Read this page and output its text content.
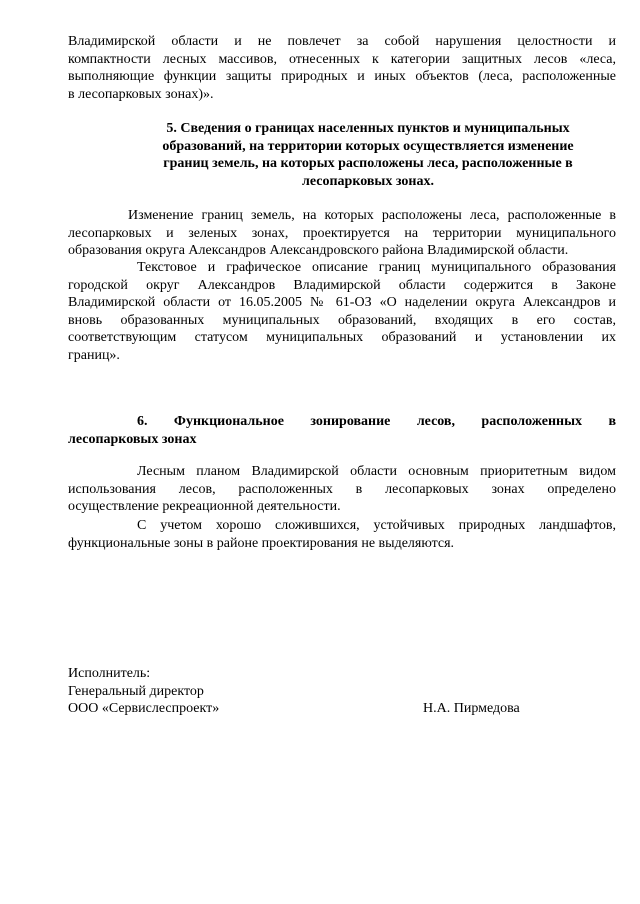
Владимирской области и не повлечет за собой нарушения целостности и
компактности лесных массивов, отнесенных к категории защитных лесов «леса,
выполняющие функции защиты природных и иных объектов (леса, расположенные
в лесопарковых зонах)».
5. Сведения о границах населенных пунктов и муниципальных
образований, на территории которых осуществляется изменение
границ земель, на которых расположены леса, расположенные в
лесопарковых зонах.
Изменение границ земель, на которых расположены леса, расположенные в
лесопарковых и зеленых зонах, проектируется на территории муниципального
образования округа Александров Александровского района Владимирской области.
Текстовое и графическое описание границ муниципального образования
городской округ Александров Владимирской области содержится в Законе
Владимирской области от 16.05.2005 № 61-ОЗ «О наделении округа Александров и
вновь образованных муниципальных образований, входящих в его состав,
соответствующим статусом муниципальных образований и установлении их
границ».
6. Функциональное зонирование лесов, расположенных в
лесопарковых зонах
Лесным планом Владимирской области основным приоритетным видом
использования лесов, расположенных в лесопарковых зонах определено
осуществление рекреационной деятельности.
С учетом хорошо сложившихся, устойчивых природных ландшафтов,
функциональные зоны в районе проектирования не выделяются.
Исполнитель:
Генеральный директор
ООО «Сервислеспроект»	Н.А. Пирмедова
